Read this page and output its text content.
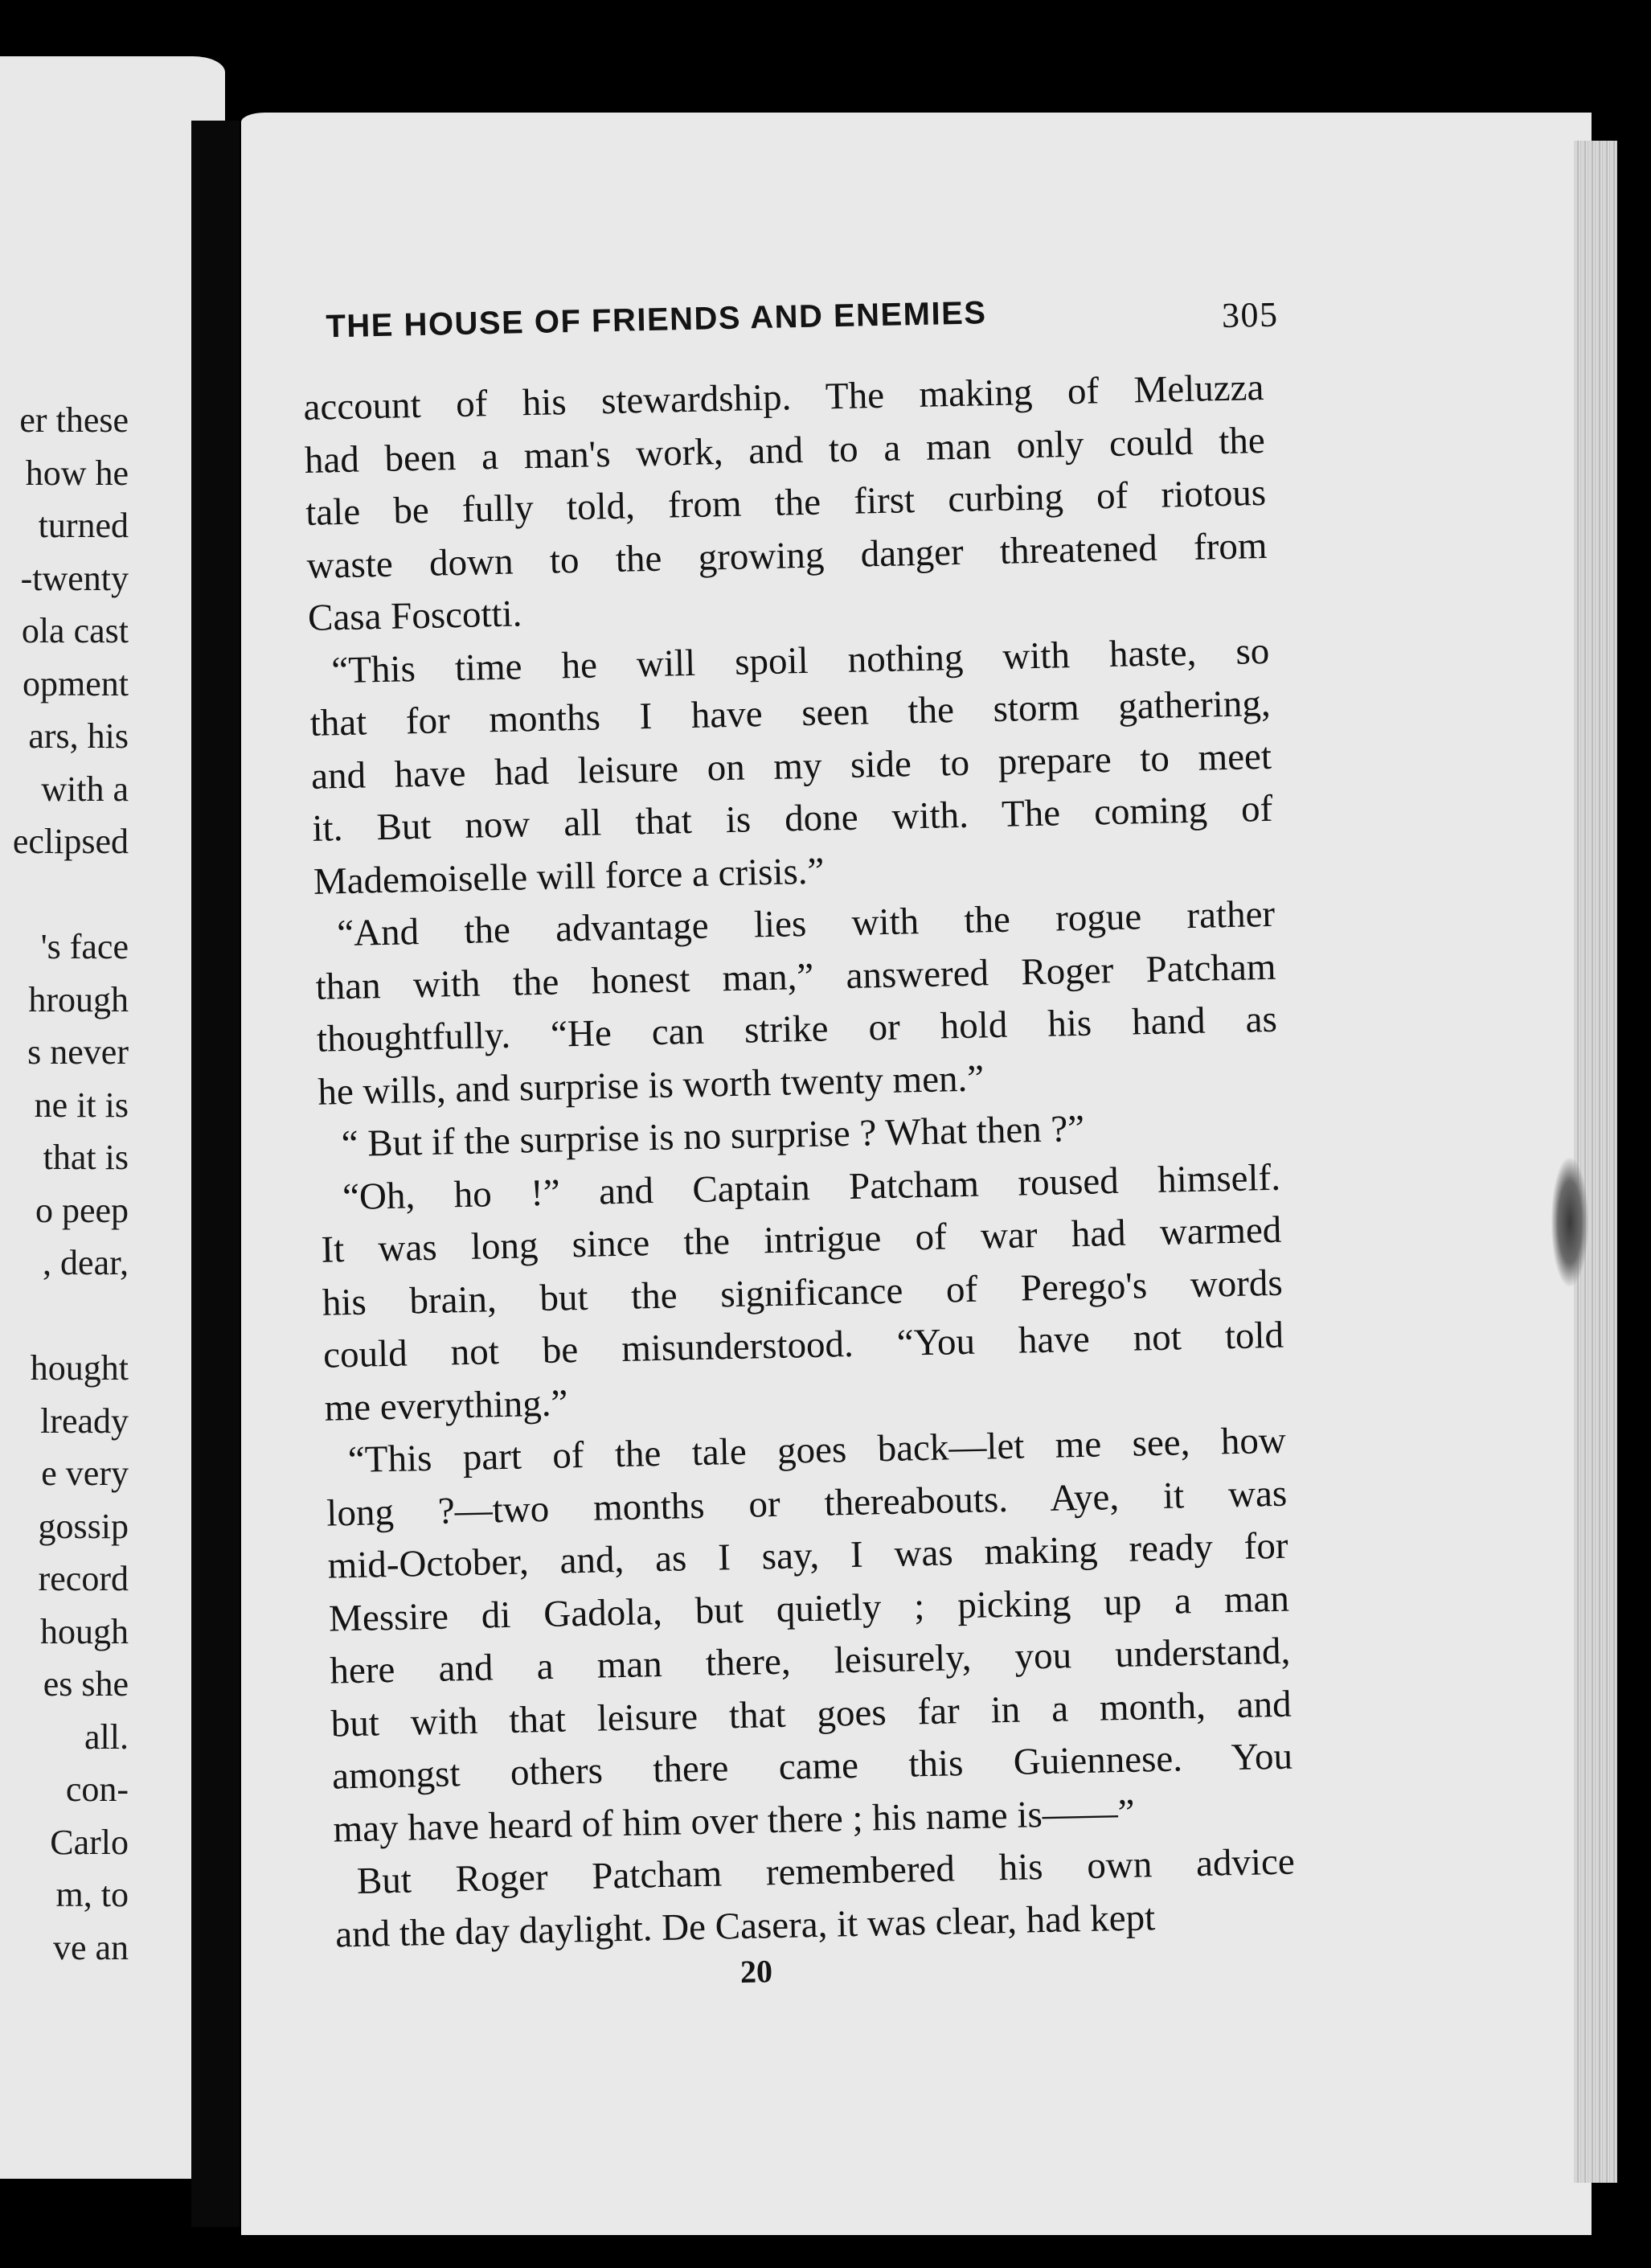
er these
how he
turned
-twenty
ola cast
opment
ars, his
with a
eclipsed

's face
hrough
s never
ne it is
that is
o peep
, dear,

hought
lready
e very
gossip
record
hough
es she
all.
con-
Carlo
m, to
ve an
THE HOUSE OF FRIENDS AND ENEMIES	305

account of his stewardship. The making of Meluzza
had been a man's work, and to a man only could the
tale be fully told, from the first curbing of riotous
waste down to the growing danger threatened from
Casa Foscotti.

“This time he will spoil nothing with haste, so
that for months I have seen the storm gathering,
and have had leisure on my side to prepare to meet
it. But now all that is done with. The coming of
Mademoiselle will force a crisis.”

“And the advantage lies with the rogue rather
than with the honest man,” answered Roger Patcham
thoughtfully. “He can strike or hold his hand as
he wills, and surprise is worth twenty men.”

“ But if the surprise is no surprise ? What then ?”

“Oh, ho !” and Captain Patcham roused himself.
It was long since the intrigue of war had warmed
his brain, but the significance of Perego's words
could not be misunderstood. “You have not told
me everything.”

“This part of the tale goes back—let me see, how
long ?—two months or thereabouts. Aye, it was
mid-October, and, as I say, I was making ready for
Messire di Gadola, but quietly ; picking up a man
here and a man there, leisurely, you understand,
but with that leisure that goes far in a month, and
amongst others there came this Guiennese. You
may have heard of him over there ; his name is——”

But Roger Patcham remembered his own advice
and the day daylight. De Casera, it was clear, had kept

20
